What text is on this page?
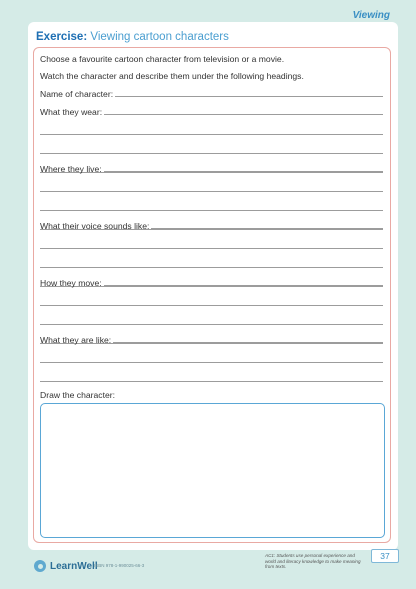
Viewing
Exercise: Viewing cartoon characters
Choose a favourite cartoon character from television or a movie.
Watch the character and describe them under the following headings.
Name of character:
What they wear:
Where they live:
What their voice sounds like:
How they move:
What they are like:
Draw the character:
LearnWell
ISBN 978-1-990025-66-3
AC1: Students use personal experience and world and literacy knowledge to make meaning from texts.
37
